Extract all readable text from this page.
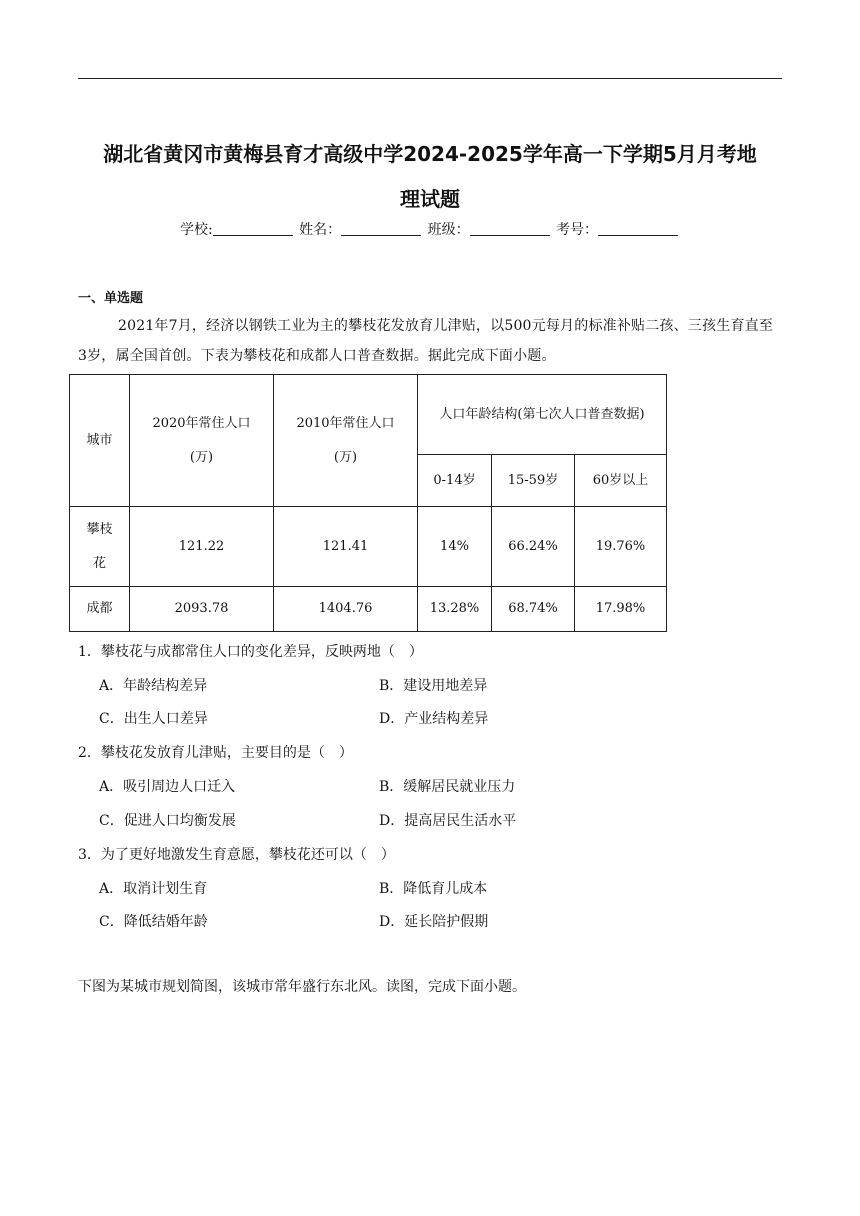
湖北省黄冈市黄梅县育才高级中学2024-2025学年高一下学期5月月考地
理试题
学校:	姓名：	班级：	考号：
一、单选题
2021年7月，经济以钢铁工业为主的攀枝花发放育儿津贴，以500元每月的标准补贴二孩、三孩生育直至3岁，属全国首创。下表为攀枝花和成都人口普查数据。据此完成下面小题。
城市	2020年常住人口(万)	2010年常住人口(万)	人口年龄结构(第七次人口普查数据)		
			0-14岁	15-59岁	60岁以上
攀枝花	121.22	121.41	14%	66.24%	19.76%
成都	2093.78	1404.76	13.28%	68.74%	17.98%
1．攀枝花与成都常住人口的变化差异，反映两地（　）
A．年龄结构差异	B．建设用地差异
C．出生人口差异	D．产业结构差异
2．攀枝花发放育儿津贴，主要目的是（　）
A．吸引周边人口迁入	B．缓解居民就业压力
C．促进人口均衡发展	D．提高居民生活水平
3．为了更好地激发生育意愿，攀枝花还可以（　）
A．取消计划生育	B．降低育儿成本
C．降低结婚年龄	D．延长陪护假期
下图为某城市规划简图，该城市常年盛行东北风。读图，完成下面小题。
